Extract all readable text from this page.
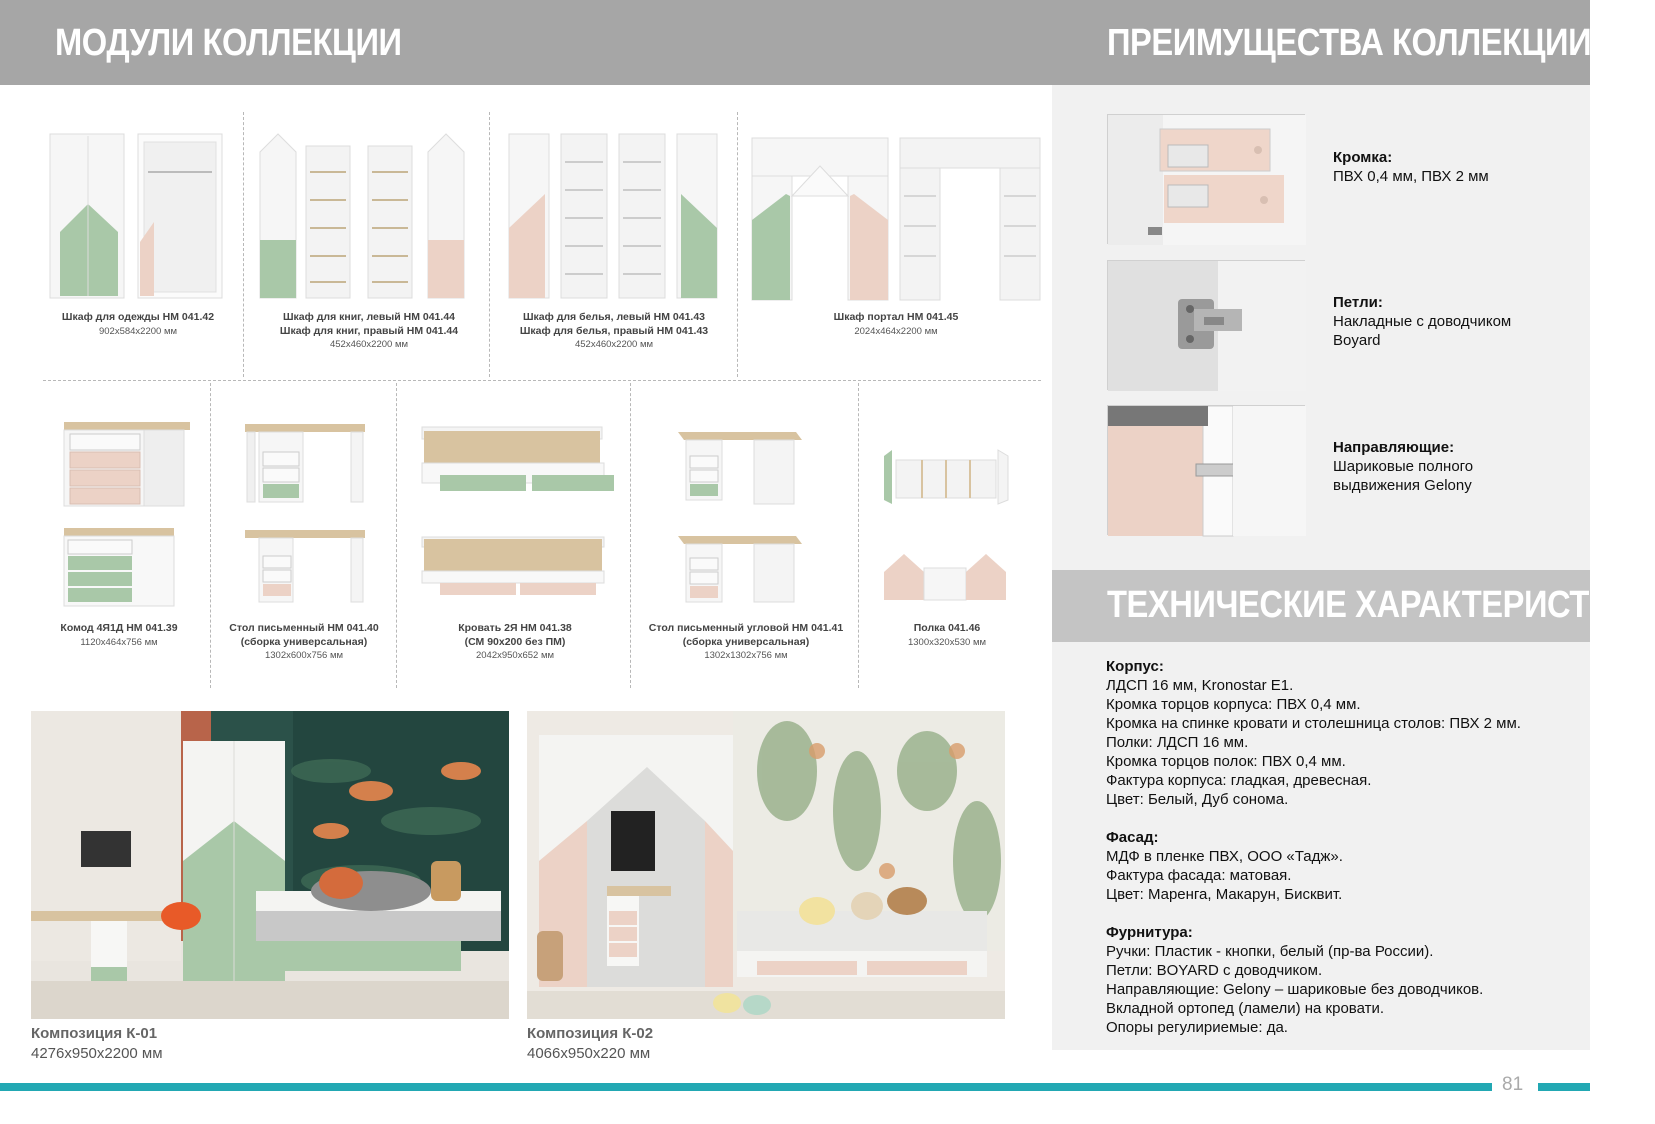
МОДУЛИ КОЛЛЕКЦИИ	ПРЕИМУЩЕСТВА КОЛЛЕКЦИИ
Кромка:
ПВХ 0,4 мм, ПВХ 2 мм
Петли:
Накладные с доводчиком Boyard
Направляющие:
Шариковые полного выдвижения Gelony
ТЕХНИЧЕСКИЕ ХАРАКТЕРИСТИКИ
Корпус:
ЛДСП 16 мм, Kronostar E1.
Кромка торцов корпуса: ПВХ 0,4 мм.
Кромка на спинке кровати и столешница столов: ПВХ 2 мм.
Полки: ЛДСП 16 мм.
Кромка торцов полок: ПВХ 0,4 мм.
Фактура корпуса: гладкая, древесная.
Цвет: Белый, Дуб сонома.
Фасад:
МДФ в пленке ПВХ, ООО «Тадж».
Фактура фасада: матовая.
Цвет: Маренга, Макарун, Бисквит.
Фурнитура:
Ручки: Пластик - кнопки, белый (пр-ва России).
Петли: BOYARD с доводчиком.
Направляющие: Gelony – шариковые без доводчиков.
Вкладной ортопед (ламели) на кровати.
Опоры регулириемые: да.
Шкаф для одежды НМ 041.42
902x584x2200 мм
Шкаф для книг, левый НМ 041.44
Шкаф для книг, правый НМ 041.44
452x460x2200 мм
Шкаф для белья, левый НМ 041.43
Шкаф для белья, правый НМ 041.43
452x460x2200 мм
Шкаф портал НМ 041.45
2024x464x2200 мм
Комод 4Я1Д НМ 041.39
1120x464x756 мм
Стол письменный НМ 041.40
(сборка универсальная)
1302x600x756 мм
Кровать 2Я НМ 041.38
(СМ 90x200 без ПМ)
2042x950x652 мм
Стол письменный угловой НМ 041.41
(сборка универсальная)
1302x1302x756 мм
Полка 041.46
1300x320x530 мм
Композиция К-01
4276x950x2200 мм
Композиция К-02
4066x950x220 мм
81
